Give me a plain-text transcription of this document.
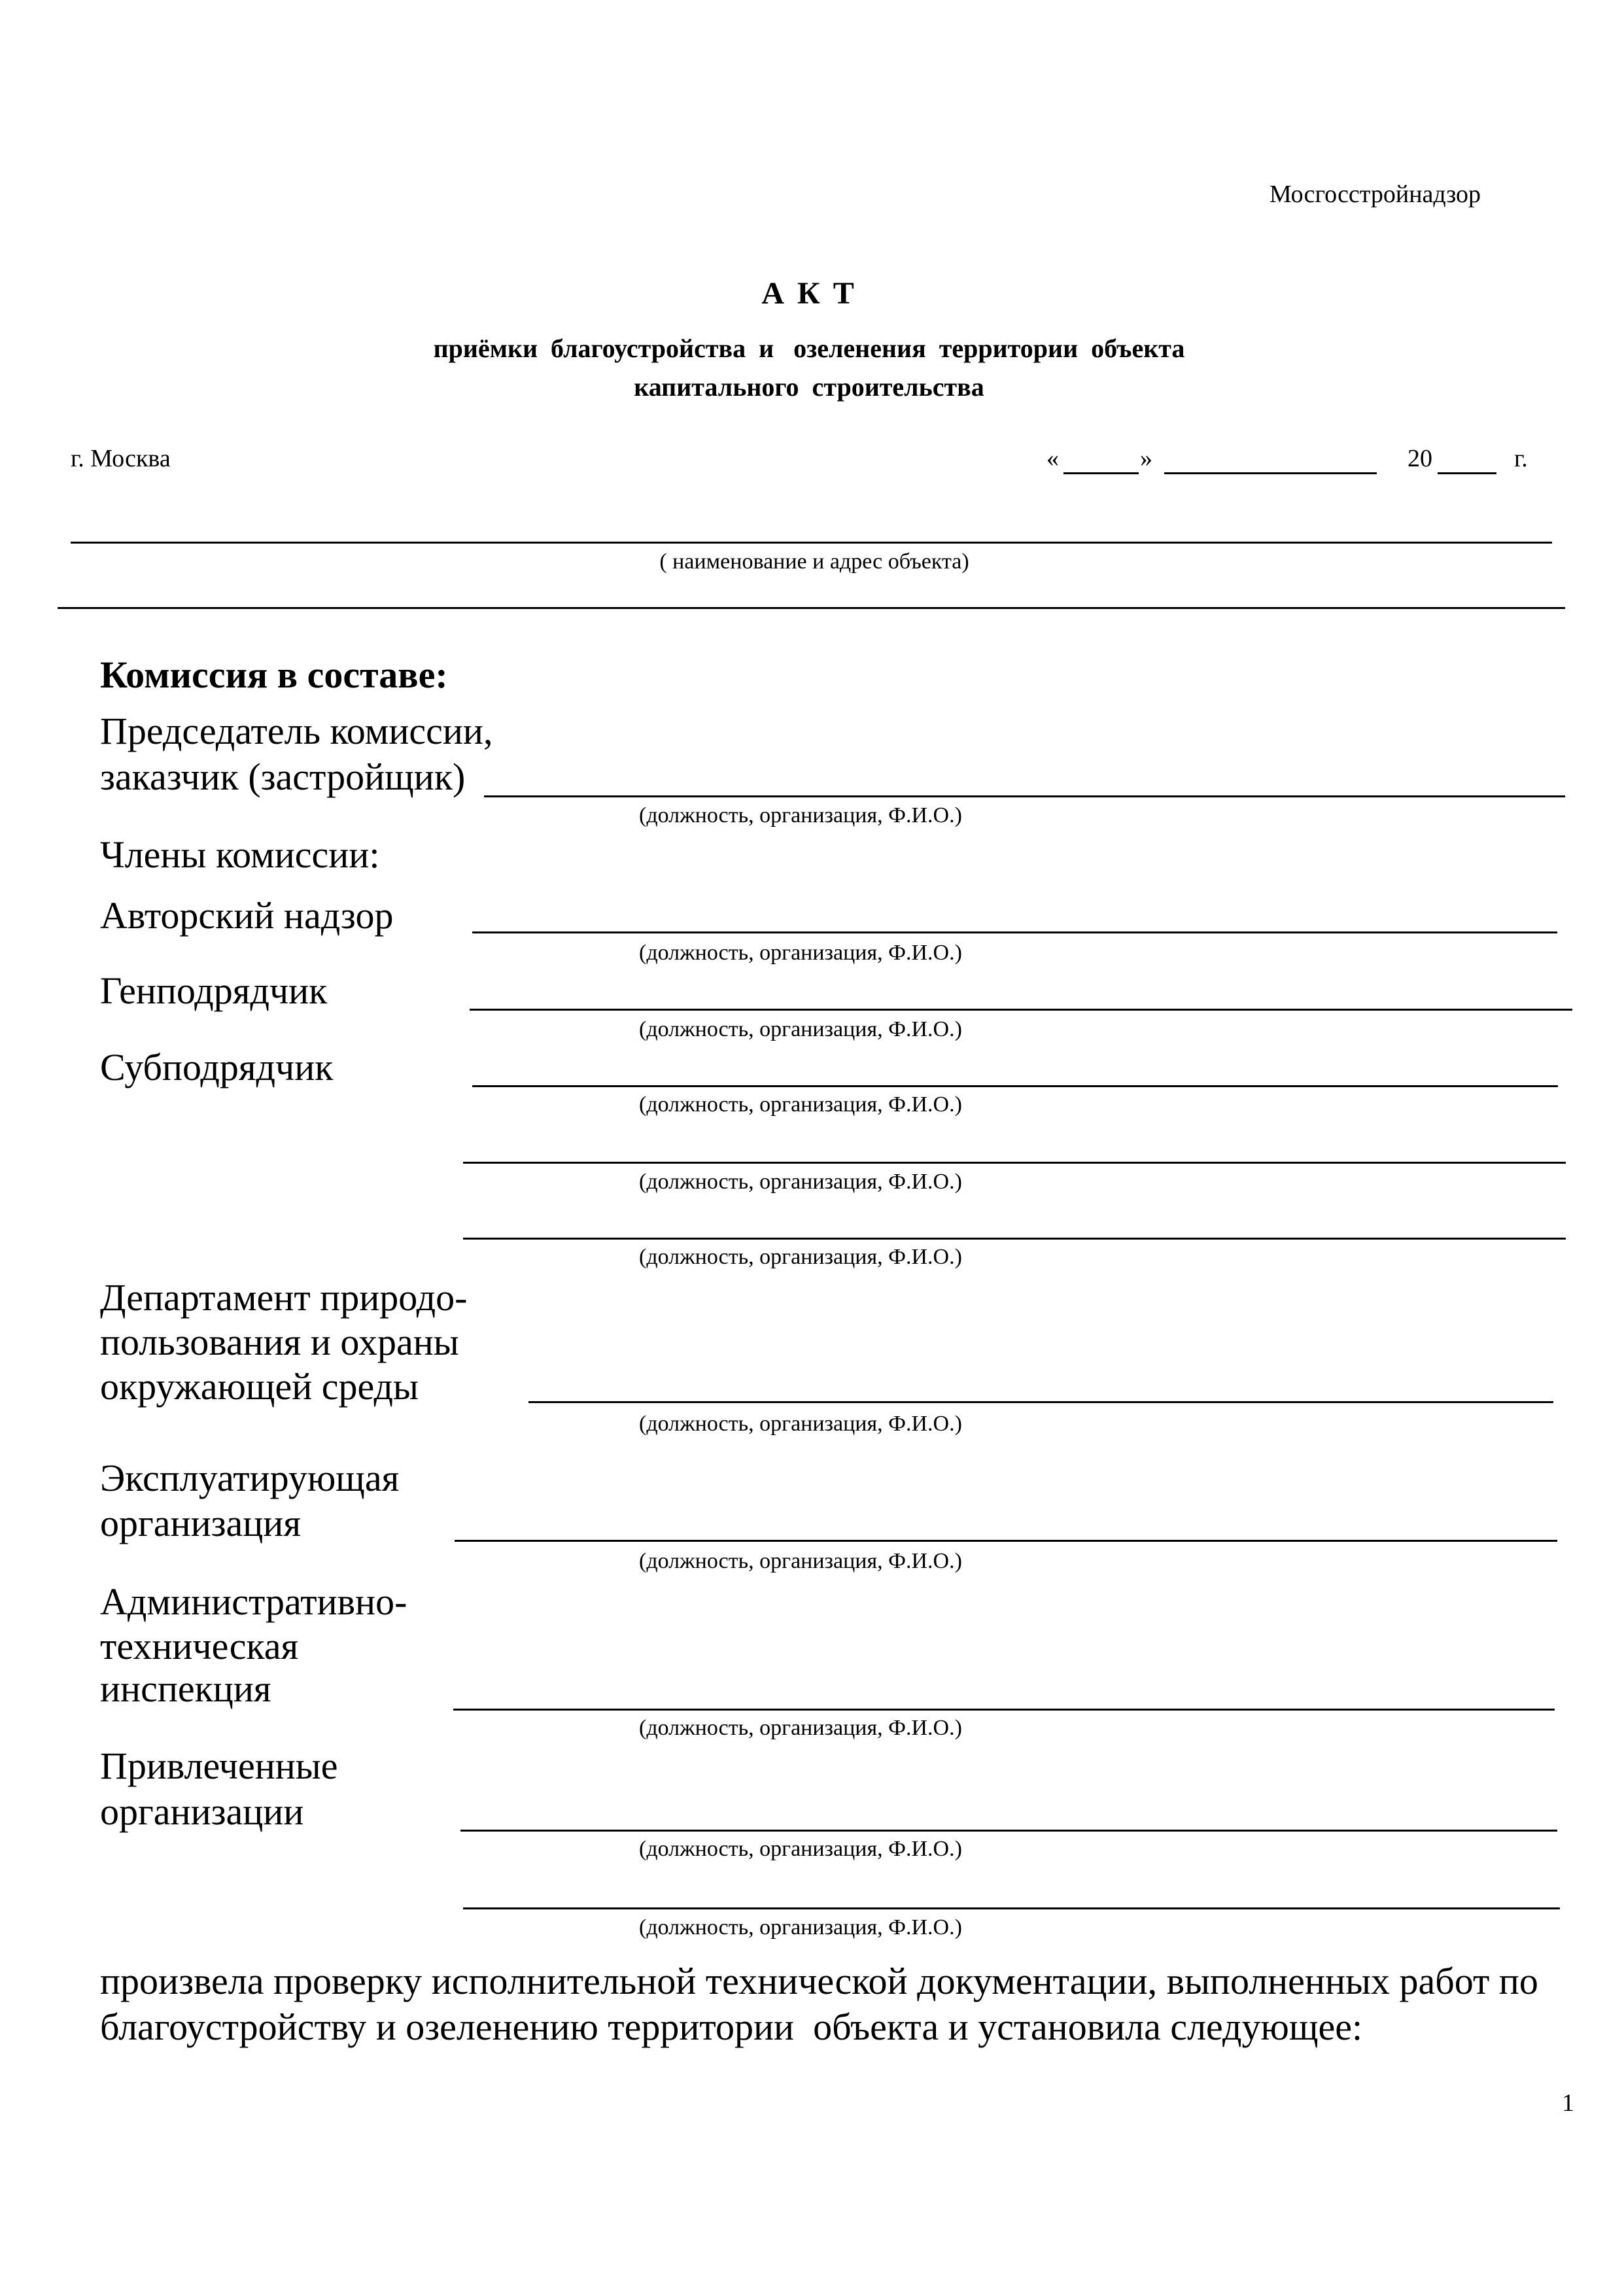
Мосгосстройнадзор
А К Т
приёмки  благоустройства  и   озеленения  территории  объекта
капитального  строительства
г. Москва	«	»	20	г.
( наименование и адрес объекта)
Комиссия в составе:
Председатель комиссии,
заказчик (застройщик)
(должность, организация, Ф.И.О.)
Члены комиссии:
Авторский надзор
(должность, организация, Ф.И.О.)
Генподрядчик
(должность, организация, Ф.И.О.)
Субподрядчик
(должность, организация, Ф.И.О.)
(должность, организация, Ф.И.О.)
(должность, организация, Ф.И.О.)
Департамент природо-
пользования и охраны
окружающей среды
(должность, организация, Ф.И.О.)
Эксплуатирующая
организация
(должность, организация, Ф.И.О.)
Административно-
техническая
инспекция
(должность, организация, Ф.И.О.)
Привлеченные
организации
(должность, организация, Ф.И.О.)
(должность, организация, Ф.И.О.)
произвела проверку исполнительной технической документации, выполненных работ по
благоустройству и озеленению территории  объекта и установила следующее:
1
